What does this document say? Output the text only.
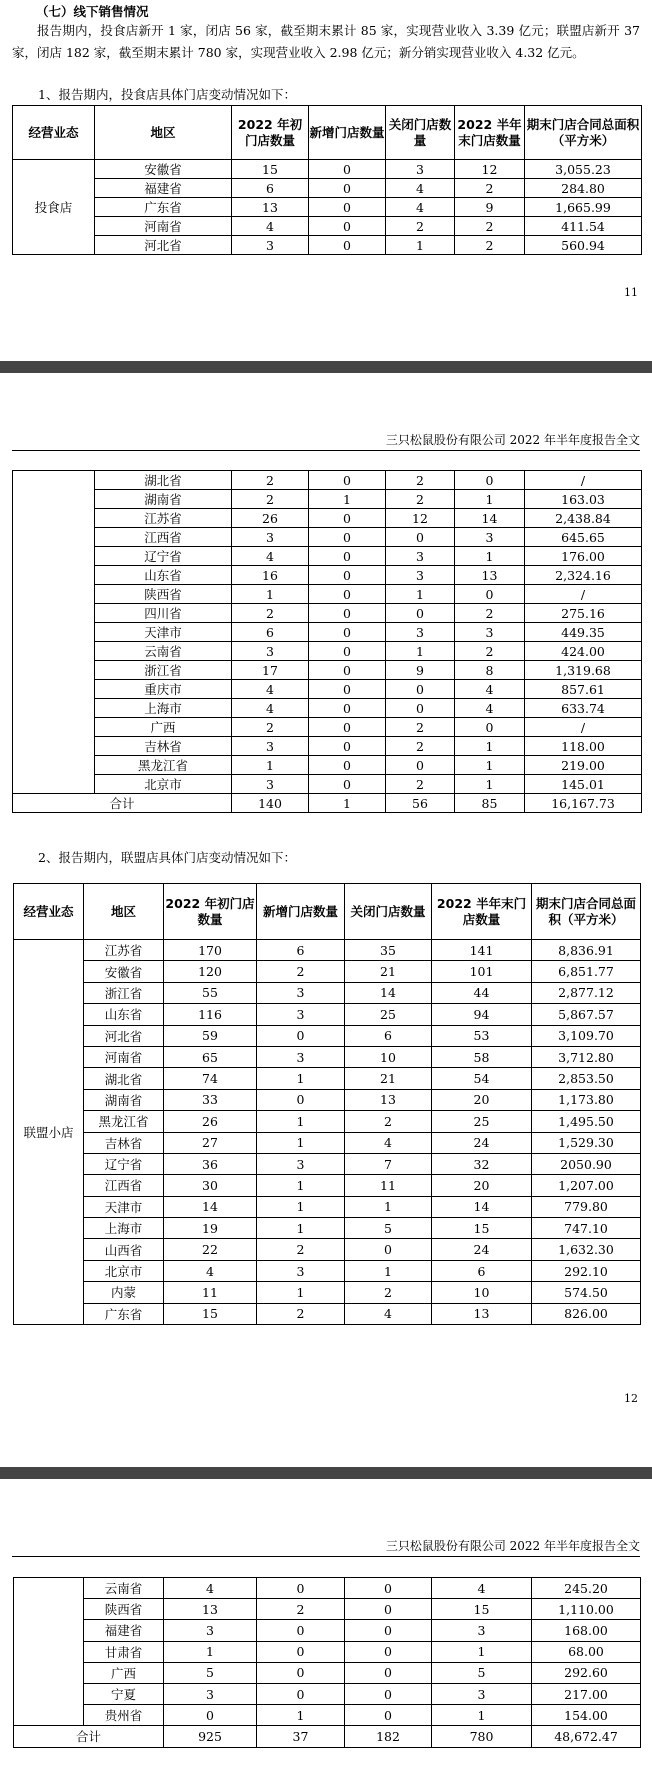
（七）线下销售情况
报告期内，投食店新开 1 家，闭店 56 家，截至期末累计 85 家，实现营业收入 3.39 亿元；联盟店新开 37 家，闭店 182 家，截至期末累计 780 家，实现营业收入 2.98 亿元；新分销实现营业收入 4.32 亿元。
1、报告期内，投食店具体门店变动情况如下：
经营业态	地区	2022 年初门店数量	新增门店数量	关闭门店数量	2022 半年末门店数量	期末门店合同总面积（平方米）
投食店	安徽省	15	0	3	12	3,055.23
	福建省	6	0	4	2	284.80
	广东省	13	0	4	9	1,665.99
	河南省	4	0	2	2	411.54
	河北省	3	0	1	2	560.94
11
三只松鼠股份有限公司 2022 年半年度报告全文
	湖北省	2	0	2	0	/
	湖南省	2	1	2	1	163.03
	江苏省	26	0	12	14	2,438.84
	江西省	3	0	0	3	645.65
	辽宁省	4	0	3	1	176.00
	山东省	16	0	3	13	2,324.16
	陕西省	1	0	1	0	/
	四川省	2	0	0	2	275.16
	天津市	6	0	3	3	449.35
	云南省	3	0	1	2	424.00
	浙江省	17	0	9	8	1,319.68
	重庆市	4	0	0	4	857.61
	上海市	4	0	0	4	633.74
	广西	2	0	2	0	/
	吉林省	3	0	2	1	118.00
	黑龙江省	1	0	0	1	219.00
	北京市	3	0	2	1	145.01
合计		140	1	56	85	16,167.73
2、报告期内，联盟店具体门店变动情况如下：
经营业态	地区	2022 年初门店数量	新增门店数量	关闭门店数量	2022 半年末门店数量	期末门店合同总面积（平方米）
联盟小店	江苏省	170	6	35	141	8,836.91
	安徽省	120	2	21	101	6,851.77
	浙江省	55	3	14	44	2,877.12
	山东省	116	3	25	94	5,867.57
	河北省	59	0	6	53	3,109.70
	河南省	65	3	10	58	3,712.80
	湖北省	74	1	21	54	2,853.50
	湖南省	33	0	13	20	1,173.80
	黑龙江省	26	1	2	25	1,495.50
	吉林省	27	1	4	24	1,529.30
	辽宁省	36	3	7	32	2050.90
	江西省	30	1	11	20	1,207.00
	天津市	14	1	1	14	779.80
	上海市	19	1	5	15	747.10
	山西省	22	2	0	24	1,632.30
	北京市	4	3	1	6	292.10
	内蒙	11	1	2	10	574.50
	广东省	15	2	4	13	826.00
12
三只松鼠股份有限公司 2022 年半年度报告全文
	云南省	4	0	0	4	245.20
	陕西省	13	2	0	15	1,110.00
	福建省	3	0	0	3	168.00
	甘肃省	1	0	0	1	68.00
	广西	5	0	0	5	292.60
	宁夏	3	0	0	3	217.00
	贵州省	0	1	0	1	154.00
合计		925	37	182	780	48,672.47
